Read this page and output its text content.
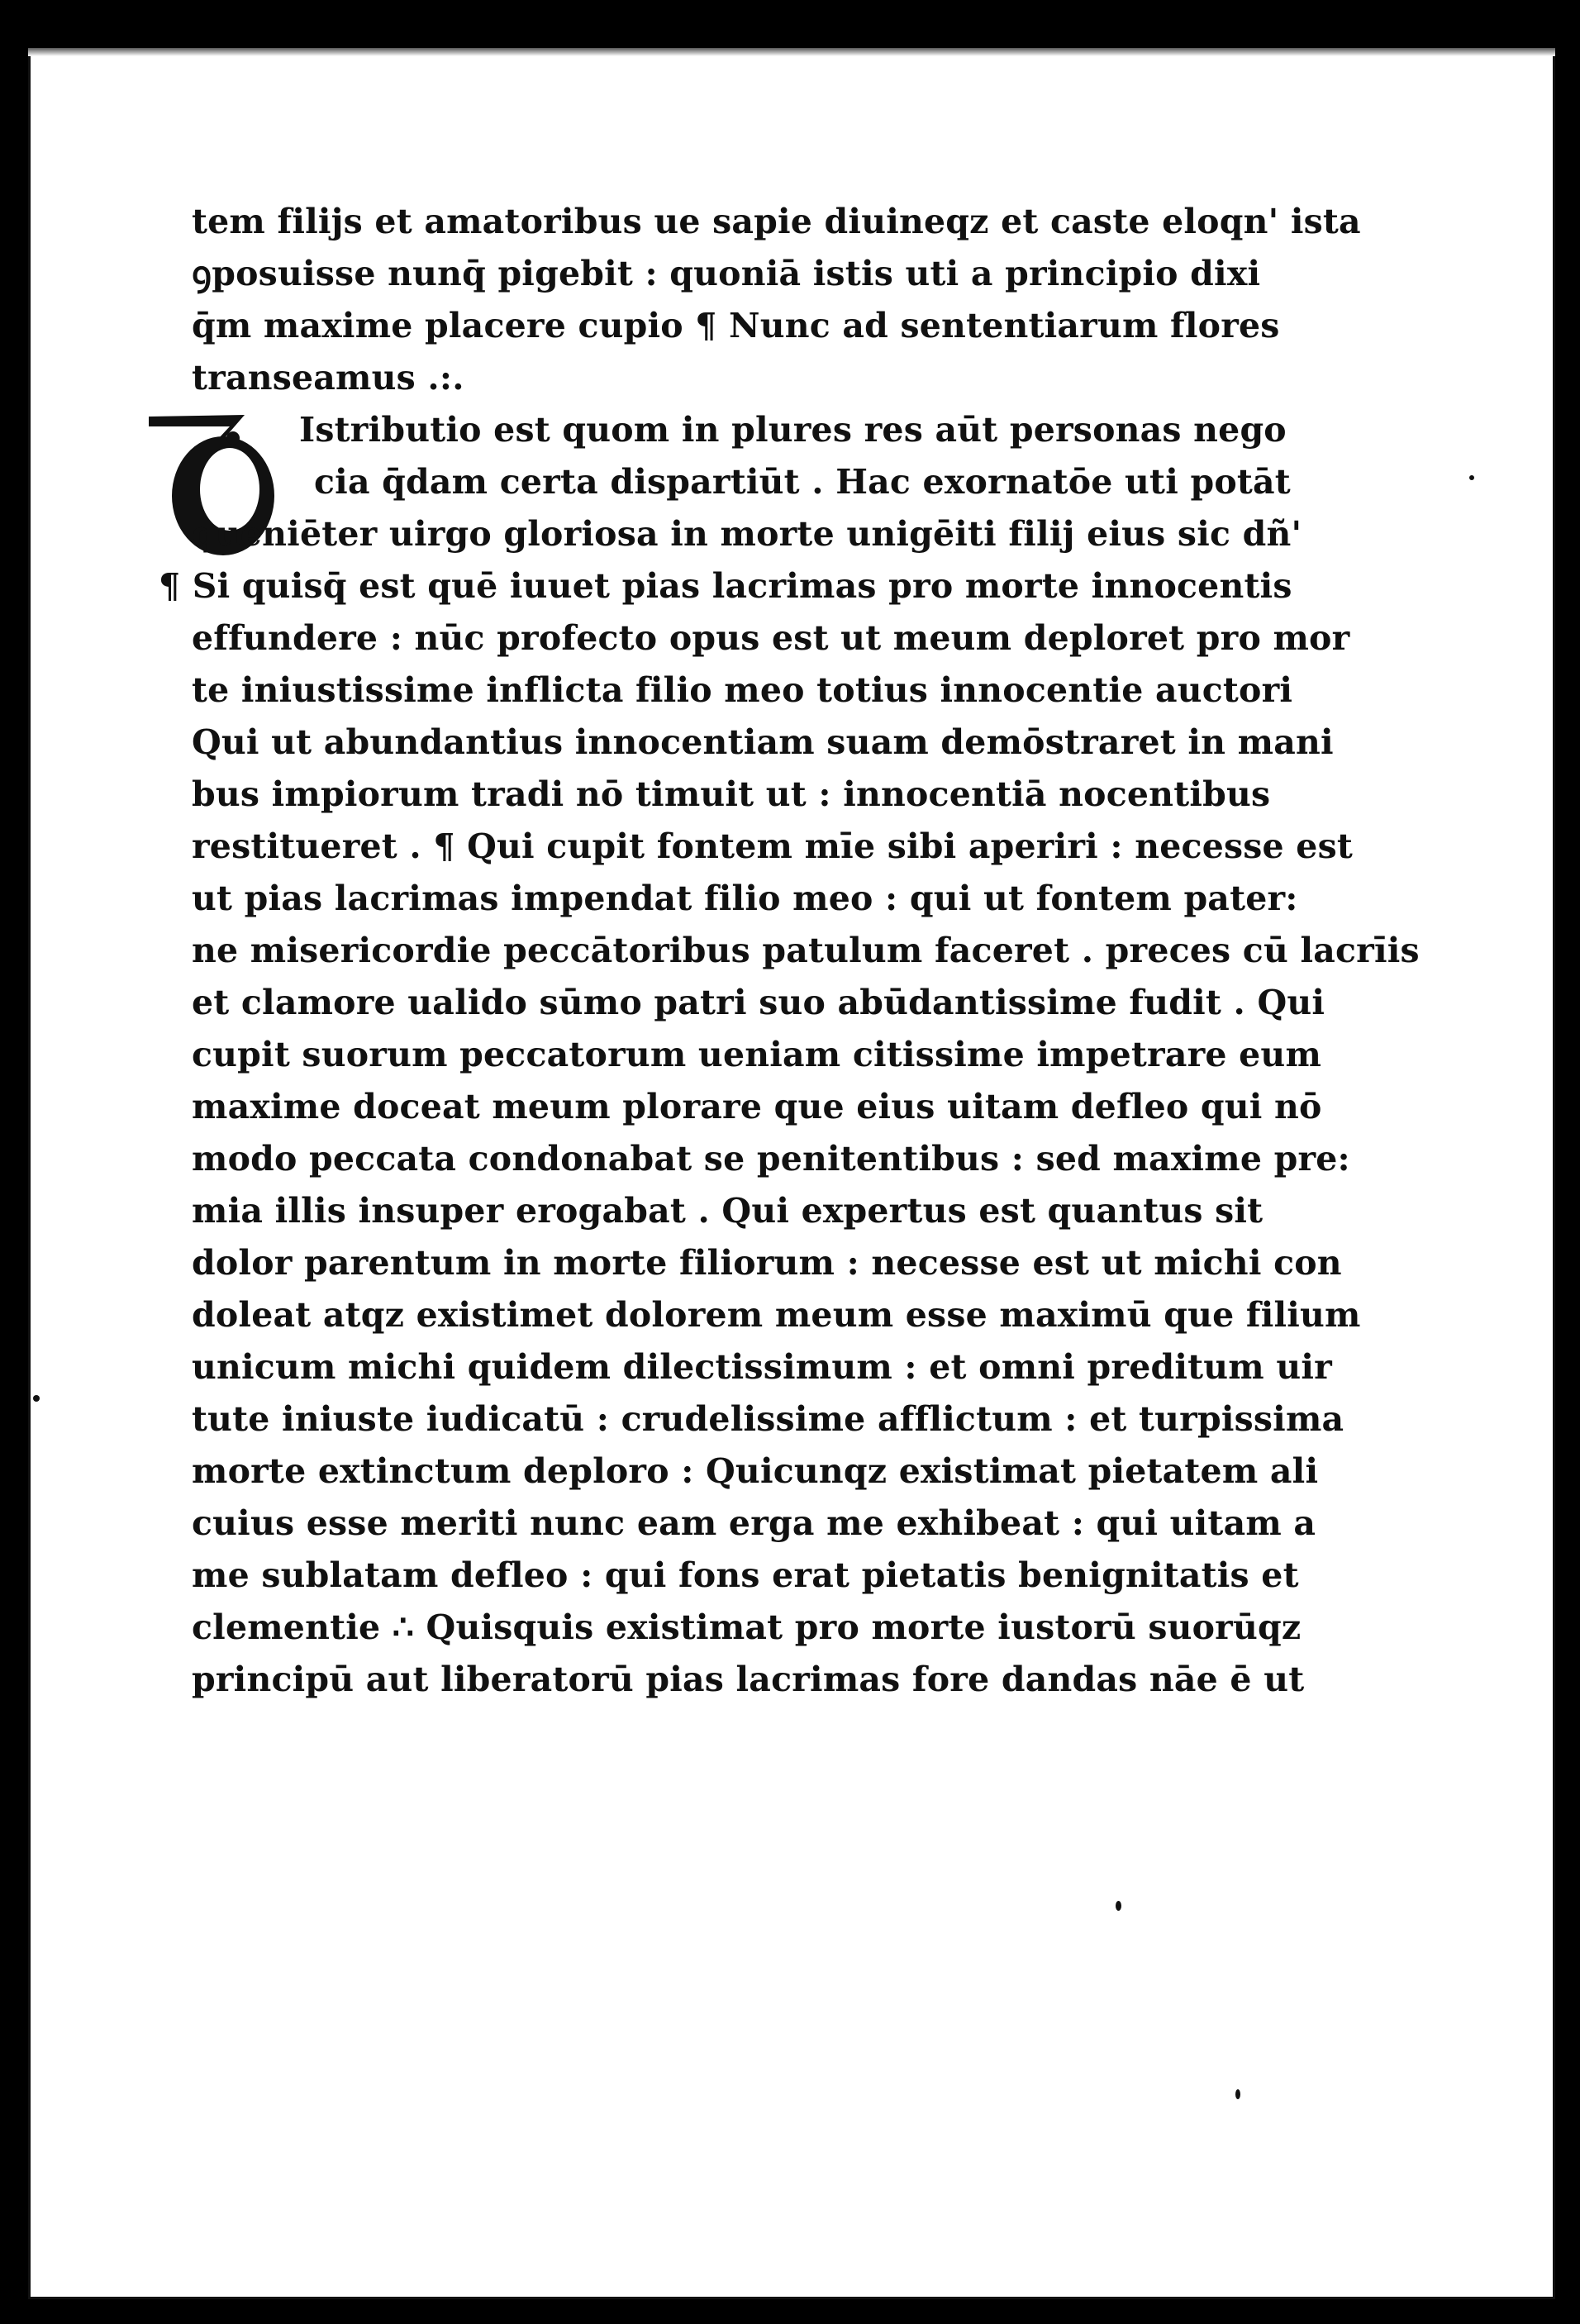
tem filijs et amatoribus ue sapie diuineqz et caste eloqn' ista
ꝯposuisse nunq̄ pigebit : quoniā istis uti a principio dixi
q̄m maxime placere cupio ¶ Nunc ad sententiarum flores
transeamus .:.
Istributio est quom in plures res aūt personas nego
cia q̄dam certa dispartiūt . Hac exornatōe uti potāt
queniēter uirgo gloriosa in morte unigēiti filij eius sic dñ'
¶ Si quisq̄ est quē iuuet pias lacrimas pro morte innocentis
effundere : nūc profecto opus est ut meum deploret pro mor
te iniustissime inflicta filio meo totius innocentie auctori
Qui ut abundantius innocentiam suam demōstraret in mani
bus impiorum tradi nō timuit ut : innocentiā nocentibus
restitueret . ¶ Qui cupit fontem mīe sibi aperiri : necesse est
ut pias lacrimas impendat filio meo : qui ut fontem pater:
ne misericordie peccātoribus patulum faceret . preces cū lacrīis
et clamore ualido sūmo patri suo abūdantissime fudit . Qui
cupit suorum peccatorum ueniam citissime impetrare eum
maxime doceat meum plorare que eius uitam defleo qui nō
modo peccata condonabat se penitentibus : sed maxime pre:
mia illis insuper erogabat . Qui expertus est quantus sit
dolor parentum in morte filiorum : necesse est ut michi con
doleat atqz existimet dolorem meum esse maximū que filium
unicum michi quidem dilectissimum : et omni preditum uir
tute iniuste iudicatū : crudelissime afflictum : et turpissima
morte extinctum deploro : Quicunqz existimat pietatem ali
cuius esse meriti nunc eam erga me exhibeat : qui uitam a
me sublatam defleo : qui fons erat pietatis benignitatis et
clementie ∴ Quisquis existimat pro morte iustorū suorūqz
principū aut liberatorū pias lacrimas fore dandas nāe ē ut
